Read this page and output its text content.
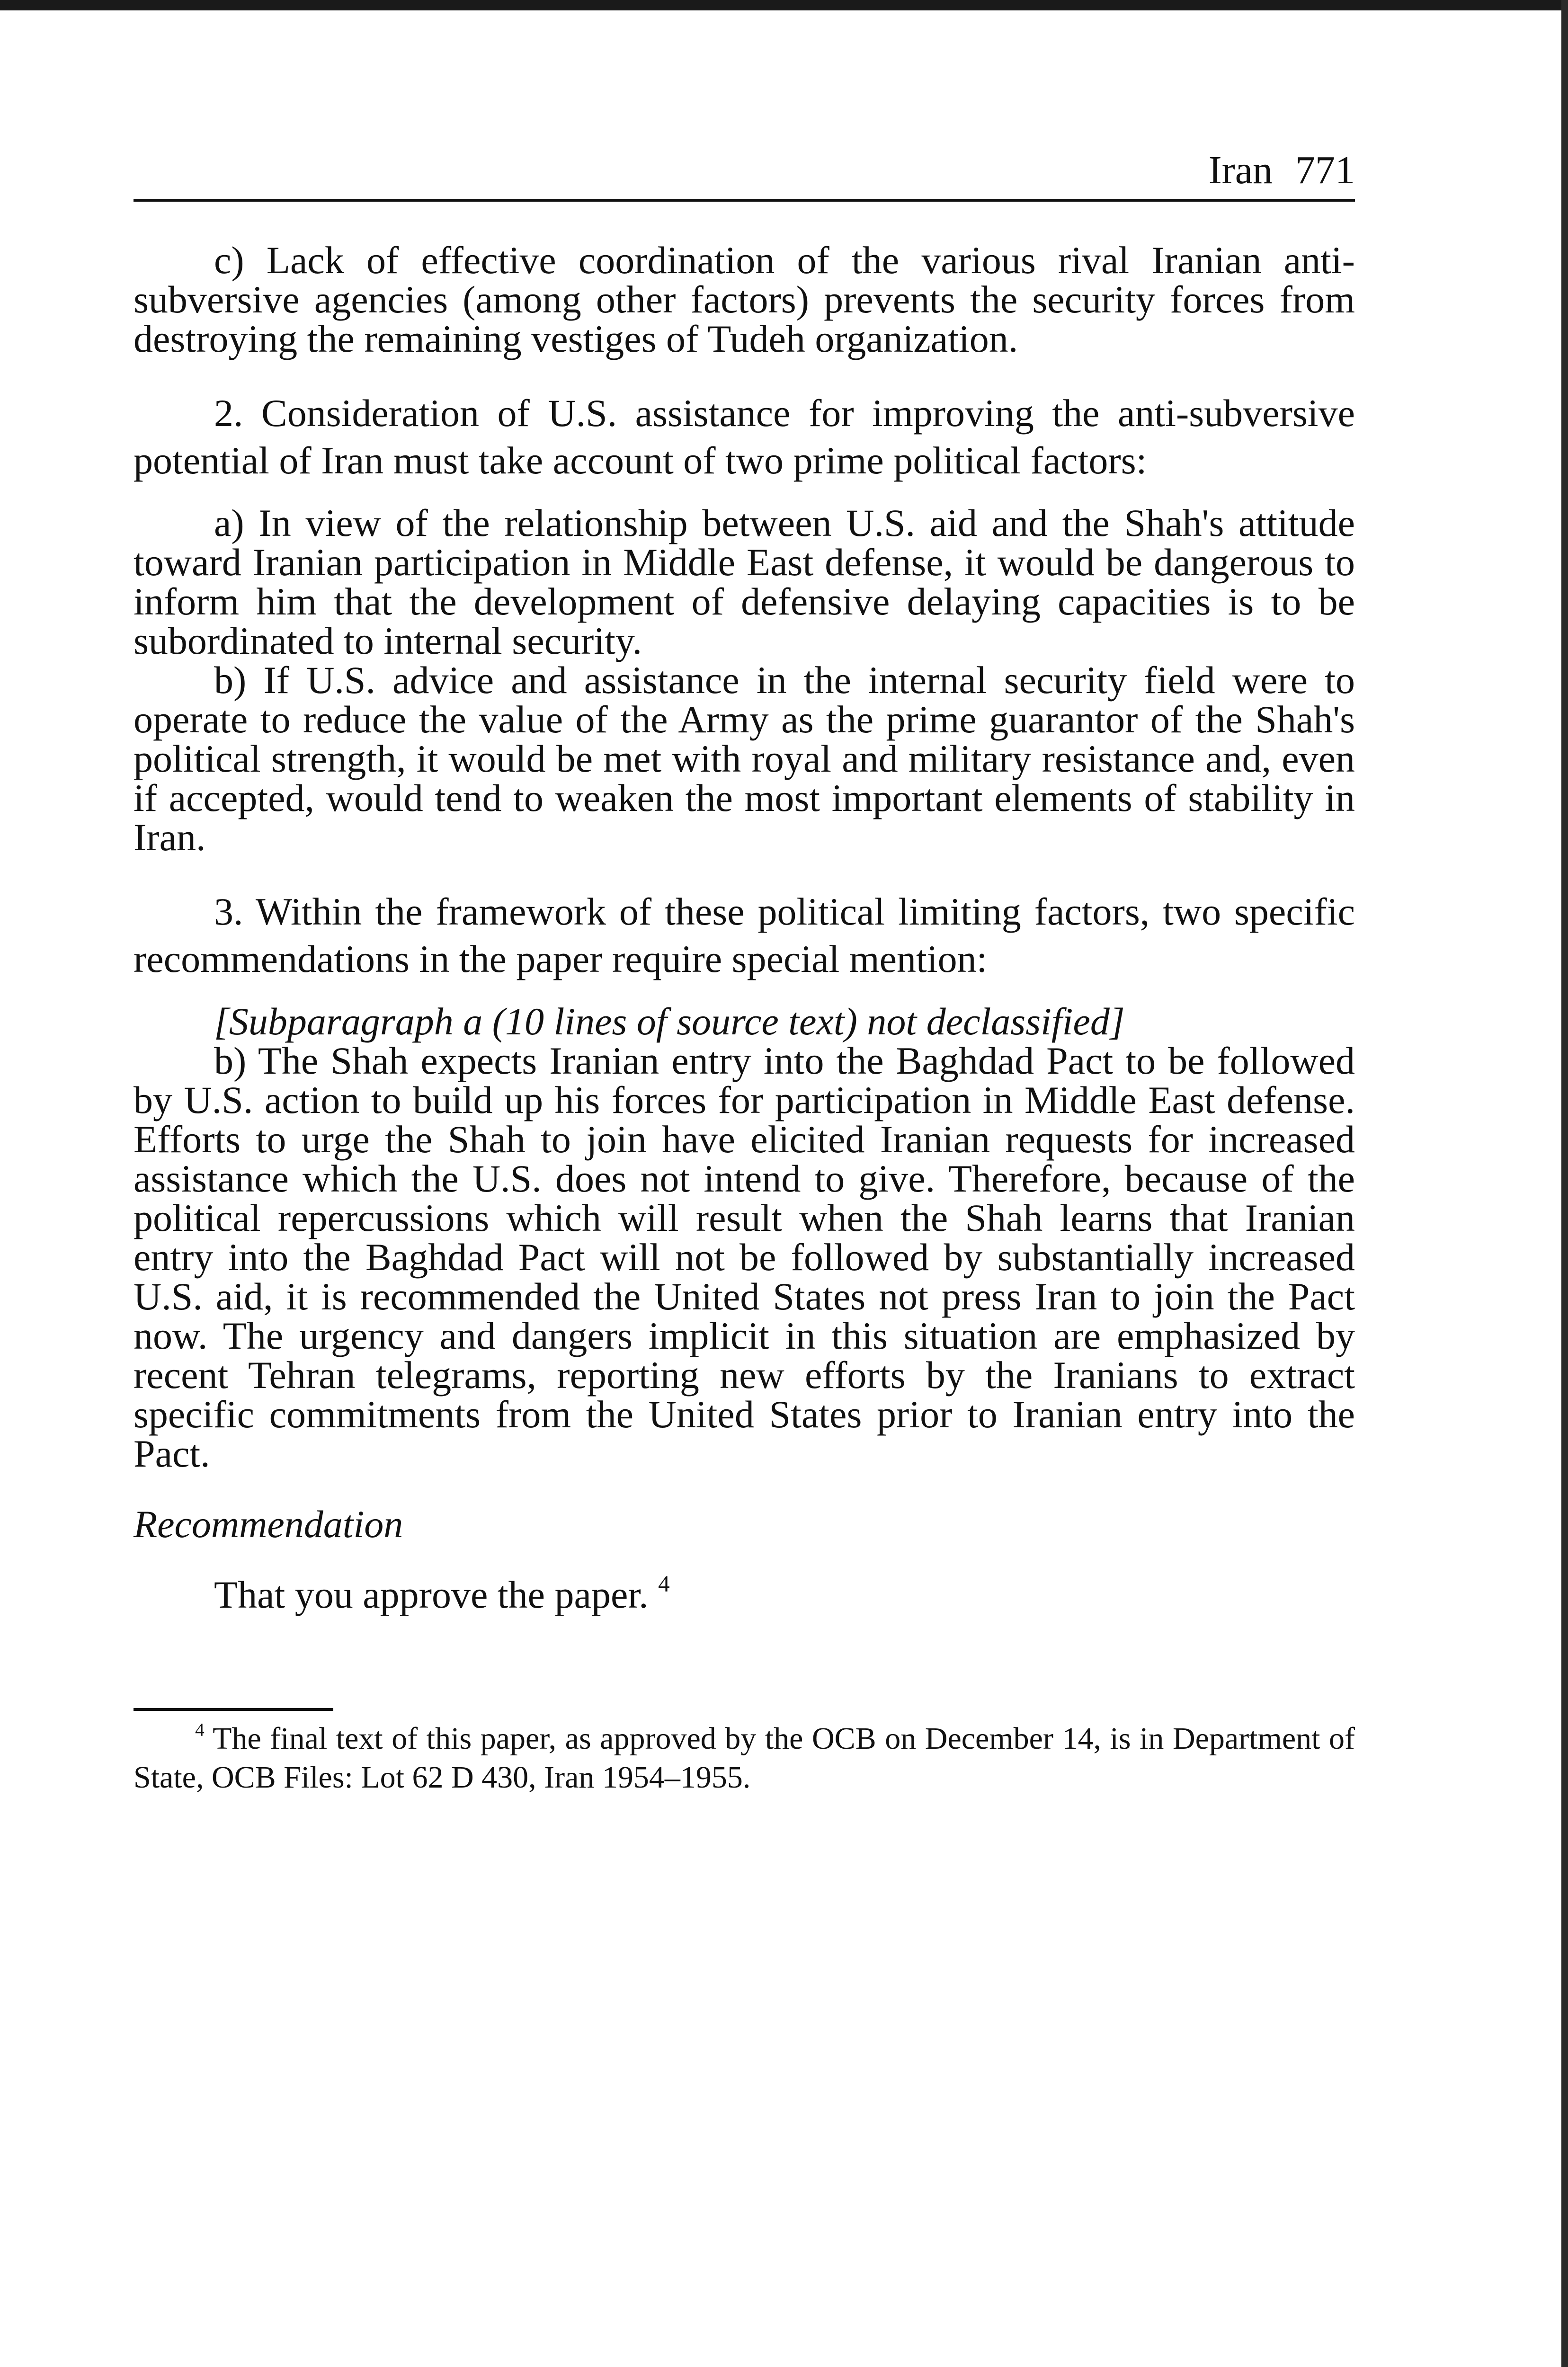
Iran 771

c) Lack of effective coordination of the various rival Iranian anti-subversive agencies (among other factors) prevents the security forces from destroying the remaining vestiges of Tudeh organization.

2. Consideration of U.S. assistance for improving the anti-subversive potential of Iran must take account of two prime political factors:

a) In view of the relationship between U.S. aid and the Shah's attitude toward Iranian participation in Middle East defense, it would be dangerous to inform him that the development of defensive delaying capacities is to be subordinated to internal security.

b) If U.S. advice and assistance in the internal security field were to operate to reduce the value of the Army as the prime guarantor of the Shah's political strength, it would be met with royal and military resistance and, even if accepted, would tend to weaken the most important elements of stability in Iran.

3. Within the framework of these political limiting factors, two specific recommendations in the paper require special mention:

[Subparagraph a (10 lines of source text) not declassified]

b) The Shah expects Iranian entry into the Baghdad Pact to be followed by U.S. action to build up his forces for participation in Middle East defense. Efforts to urge the Shah to join have elicited Iranian requests for increased assistance which the U.S. does not intend to give. Therefore, because of the political repercussions which will result when the Shah learns that Iranian entry into the Baghdad Pact will not be followed by substantially increased U.S. aid, it is recommended the United States not press Iran to join the Pact now. The urgency and dangers implicit in this situation are emphasized by recent Tehran telegrams, reporting new efforts by the Iranians to extract specific commitments from the United States prior to Iranian entry into the Pact.

Recommendation

That you approve the paper. $^4$

$^4$ The final text of this paper, as approved by the OCB on December 14, is in Department of State, OCB Files: Lot 62 D 430, Iran 1954–1955.
